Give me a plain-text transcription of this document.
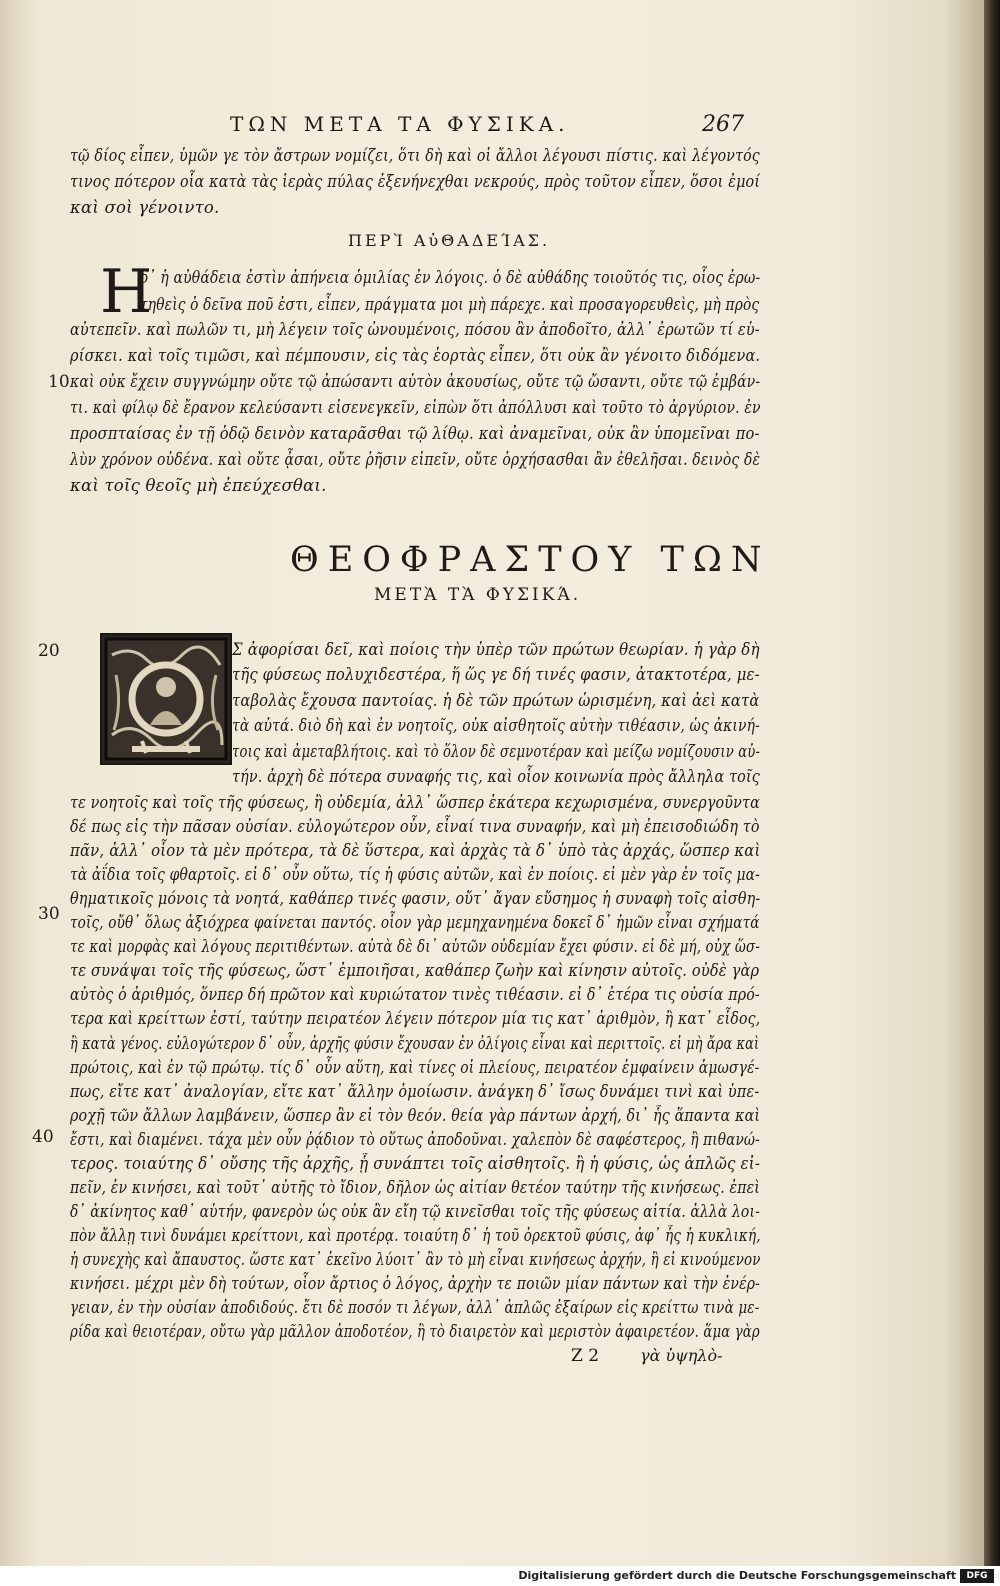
ΤΩΝ ΜΕΤΑ ΤΑ ΦΥΣΙΚΑ.	267
τῷ δίος εἶπεν, ὑμῶν γε τὸν ἄστρων νομίζει, ὅτι δὴ καὶ οἱ ἄλλοι λέγουσι πίστις. καὶ λέγοντός
τινος πότερον οἷα κατὰ τὰς ἱερὰς πύλας ἐξενήνεχθαι νεκρούς, πρὸς τοῦτον εἶπεν, ὅσοι ἐμοί
καὶ σοὶ γένοιντο.
ΠΕΡῚ ΑὐΘΑΔΕΊΑΣ.
Η
δ᾽ ἡ αὐθάδεια ἐστὶν ἀπήνεια ὁμιλίας ἐν λόγοις. ὁ δὲ αὐθάδης τοιοῦτός τις, οἷος ἐρω-
τηθεὶς ὁ δεῖνα ποῦ ἐστι, εἶπεν, πράγματα μοι μὴ πάρεχε. καὶ προσαγορευθεὶς, μὴ πρὸς
αὐτεπεῖν. καὶ πωλῶν τι, μὴ λέγειν τοῖς ὠνουμένοις, πόσου ἂν ἀποδοῖτο, ἀλλ᾽ ἐρωτῶν τί εὑ-
ρίσκει. καὶ τοῖς τιμῶσι, καὶ πέμπουσιν, εἰς τὰς ἑορτὰς εἶπεν, ὅτι οὐκ ἂν γένοιτο διδόμενα.
10 καὶ οὐκ ἔχειν συγγνώμην οὔτε τῷ ἀπώσαντι αὐτὸν ἀκουσίως, οὔτε τῷ ὤσαντι, οὔτε τῷ ἐμβάν-
τι. καὶ φίλῳ δὲ ἔρανον κελεύσαντι εἰσενεγκεῖν, εἰπὼν ὅτι ἀπόλλυσι καὶ τοῦτο τὸ ἀργύριον. ἐν
προσπταίσας ἐν τῇ ὁδῷ δεινὸν καταρᾶσθαι τῷ λίθῳ. καὶ ἀναμεῖναι, οὐκ ἂν ὑπομεῖναι πο-
λὺν χρόνον οὐδένα. καὶ οὔτε ᾆσαι, οὔτε ῥῆσιν εἰπεῖν, οὔτε ὀρχήσασθαι ἂν ἐθελῆσαι. δεινὸς δὲ
καὶ τοῖς θεοῖς μὴ ἐπεύχεσθαι.
ΘΕΟΦΡΑΣΤΟΥ ΤΩΝ
ΜΕΤᾺ ΤᾺ ΦΥΣΙΚΆ.
20
30
40
Σ ἀφορίσαι δεῖ, καὶ ποίοις τὴν ὑπὲρ τῶν πρώτων θεωρίαν. ἡ γὰρ δὴ
τῆς φύσεως πολυχιδεστέρα, ἥ ὥς γε δή τινές φασιν, ἀτακτοτέρα, με-
ταβολὰς ἔχουσα παντοίας. ἡ δὲ τῶν πρώτων ὡρισμένη, καὶ ἀεὶ κατὰ
τὰ αὐτά. διὸ δὴ καὶ ἐν νοητοῖς, οὐκ αἰσθητοῖς αὐτὴν τιθέασιν, ὡς ἀκινή-
τοις καὶ ἀμεταβλήτοις. καὶ τὸ ὅλον δὲ σεμνοτέραν καὶ μείζω νομίζουσιν αὐ-
τήν. ἀρχὴ δὲ πότερα συναφής τις, καὶ οἷον κοινωνία πρὸς ἄλληλα τοῖς
τε νοητοῖς καὶ τοῖς τῆς φύσεως, ἢ οὐδεμία, ἀλλ᾽ ὥσπερ ἑκάτερα κεχωρισμένα, συνεργοῦντα
δέ πως εἰς τὴν πᾶσαν οὐσίαν. εὐλογώτερον οὖν, εἶναί τινα συναφήν, καὶ μὴ ἐπεισοδιώδη τὸ
πᾶν, ἀλλ᾽ οἷον τὰ μὲν πρότερα, τὰ δὲ ὕστερα, καὶ ἀρχὰς τὰ δ᾽ ὑπὸ τὰς ἀρχάς, ὥσπερ καὶ
τὰ ἀΐδια τοῖς φθαρτοῖς. εἰ δ᾽ οὖν οὕτω, τίς ἡ φύσις αὐτῶν, καὶ ἐν ποίοις. εἰ μὲν γὰρ ἐν τοῖς μα-
θηματικοῖς μόνοις τὰ νοητά, καθάπερ τινές φασιν, οὔτ᾽ ἄγαν εὔσημος ἡ συναφὴ τοῖς αἰσθη-
τοῖς, οὔθ᾽ ὅλως ἀξιόχρεα φαίνεται παντός. οἷον γὰρ μεμηχανημένα δοκεῖ δ᾽ ἡμῶν εἶναι σχήματά
τε καὶ μορφὰς καὶ λόγους περιτιθέντων. αὐτὰ δὲ δι᾽ αὑτῶν οὐδεμίαν ἔχει φύσιν. εἰ δὲ μή, οὐχ ὥσ-
τε συνάψαι τοῖς τῆς φύσεως, ὥστ᾽ ἐμποιῆσαι, καθάπερ ζωὴν καὶ κίνησιν αὐτοῖς. οὐδὲ γὰρ
αὐτὸς ὁ ἀριθμός, ὅνπερ δή πρῶτον καὶ κυριώτατον τινὲς τιθέασιν. εἰ δ᾽ ἑτέρα τις οὐσία πρό-
τερα καὶ κρείττων ἐστί, ταύτην πειρατέον λέγειν πότερον μία τις κατ᾽ ἀριθμὸν, ἢ κατ᾽ εἶδος,
ἢ κατὰ γένος. εὐλογώτερον δ᾽ οὖν, ἀρχῆς φύσιν ἔχουσαν ἐν ὀλίγοις εἶναι καὶ περιττοῖς. εἰ μὴ ἄρα καὶ
πρώτοις, καὶ ἐν τῷ πρώτῳ. τίς δ᾽ οὖν αὕτη, καὶ τίνες οἱ πλείους, πειρατέον ἐμφαίνειν ἁμωσγέ-
πως, εἴτε κατ᾽ ἀναλογίαν, εἴτε κατ᾽ ἄλλην ὁμοίωσιν. ἀνάγκη δ᾽ ἴσως δυνάμει τινὶ καὶ ὑπε-
ροχῇ τῶν ἄλλων λαμβάνειν, ὥσπερ ἂν εἰ τὸν θεόν. θεία γὰρ πάντων ἀρχή, δι᾽ ἧς ἅπαντα καὶ
ἔστι, καὶ διαμένει. τάχα μὲν οὖν ῥᾴδιον τὸ οὕτως ἀποδοῦναι. χαλεπὸν δὲ σαφέστερος, ἢ πιθανώ-
τερος. τοιαύτης δ᾽ οὔσης τῆς ἀρχῆς, ᾗ συνάπτει τοῖς αἰσθητοῖς. ἢ ἡ φύσις, ὡς ἁπλῶς εἰ-
πεῖν, ἐν κινήσει, καὶ τοῦτ᾽ αὐτῆς τὸ ἴδιον, δῆλον ὡς αἰτίαν θετέον ταύτην τῆς κινήσεως. ἐπεὶ
δ᾽ ἀκίνητος καθ᾽ αὑτήν, φανερὸν ὡς οὐκ ἂν εἴη τῷ κινεῖσθαι τοῖς τῆς φύσεως αἰτία. ἀλλὰ λοι-
πὸν ἄλλῃ τινὶ δυνάμει κρείττονι, καὶ προτέρᾳ. τοιαύτη δ᾽ ἡ τοῦ ὀρεκτοῦ φύσις, ἀφ᾽ ἧς ἡ κυκλική,
ἡ συνεχὴς καὶ ἄπαυστος. ὥστε κατ᾽ ἐκεῖνο λύοιτ᾽ ἂν τὸ μὴ εἶναι κινήσεως ἀρχήν, ἢ εἰ κινούμενον
κινήσει. μέχρι μὲν δὴ τούτων, οἷον ἄρτιος ὁ λόγος, ἀρχὴν τε ποιῶν μίαν πάντων καὶ τὴν ἐνέρ-
γειαν, ἐν τὴν οὐσίαν ἀποδιδούς. ἔτι δὲ ποσόν τι λέγων, ἀλλ᾽ ἁπλῶς ἐξαίρων εἰς κρείττω τινὰ με-
ρίδα καὶ θειοτέραν, οὔτω γὰρ μᾶλλον ἀποδοτέον, ἢ τὸ διαιρετὸν καὶ μεριστὸν ἀφαιρετέον. ἅμα γὰρ
Z 2	γὰ ὑψηλὸ-
Digitalisierung gefördert durch die Deutsche Forschungsgemeinschaft	DFG
